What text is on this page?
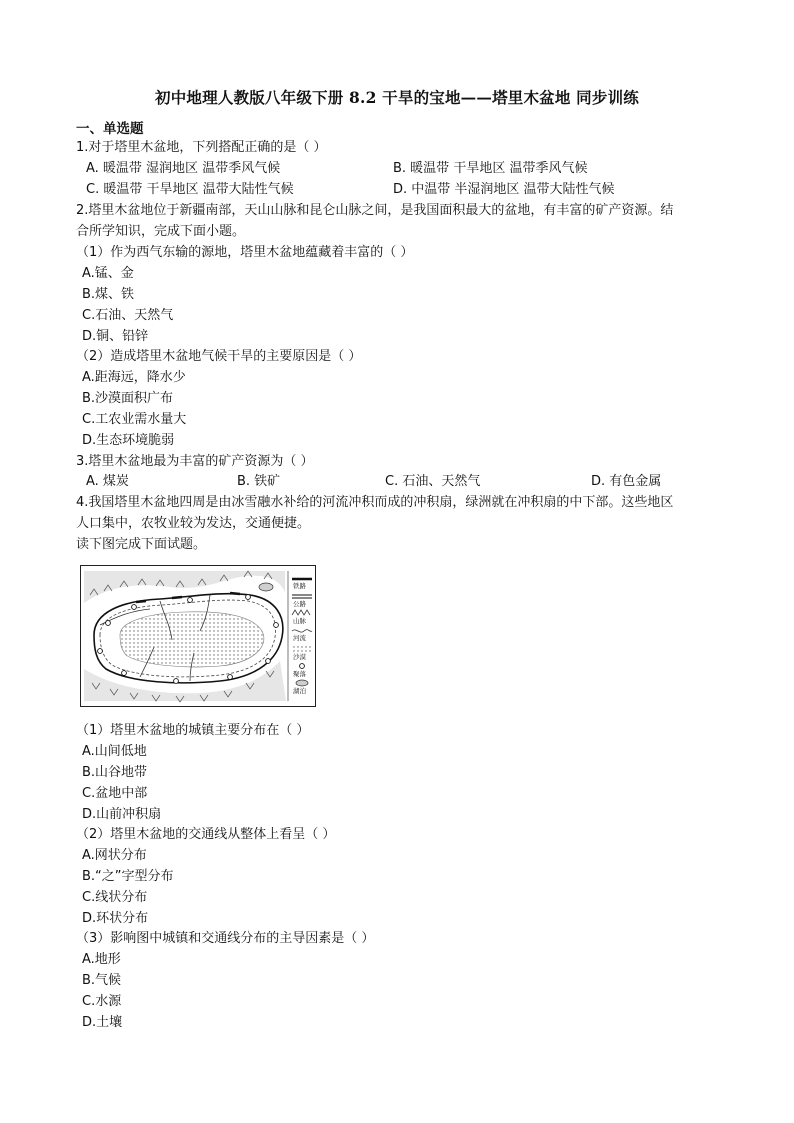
初中地理人教版八年级下册 8.2 干旱的宝地——塔里木盆地 同步训练
一、单选题
1.对于塔里木盆地，下列搭配正确的是（ ）
A. 暖温带 湿润地区 温带季风气候	B. 暖温带 干旱地区 温带季风气候
C. 暖温带 干旱地区 温带大陆性气候	D. 中温带 半湿润地区 温带大陆性气候
2.塔里木盆地位于新疆南部，天山山脉和昆仑山脉之间，是我国面积最大的盆地，有丰富的矿产资源。结
合所学知识，完成下面小题。
（1）作为西气东输的源地，塔里木盆地蕴藏着丰富的（ ）
A.锰、金
B.煤、铁
C.石油、天然气
D.铜、铅锌
（2）造成塔里木盆地气候干旱的主要原因是（ ）
A.距海远，降水少
B.沙漠面积广布
C.工农业需水量大
D.生态环境脆弱
3.塔里木盆地最为丰富的矿产资源为（ ）
A. 煤炭	B. 铁矿	C. 石油、天然气	D. 有色金属
4.我国塔里木盆地四周是由冰雪融水补给的河流冲积而成的冲积扇，绿洲就在冲积扇的中下部。这些地区
人口集中，农牧业较为发达，交通便捷。
读下图完成下面试题。
铁路
公路
山脉
河流
沙漠
聚落
湖泊
（1）塔里木盆地的城镇主要分布在（ ）
A.山间低地
B.山谷地带
C.盆地中部
D.山前冲积扇
（2）塔里木盆地的交通线从整体上看呈（ ）
A.网状分布
B.“之”字型分布
C.线状分布
D.环状分布
（3）影响图中城镇和交通线分布的主导因素是（ ）
A.地形
B.气候
C.水源
D.土壤
